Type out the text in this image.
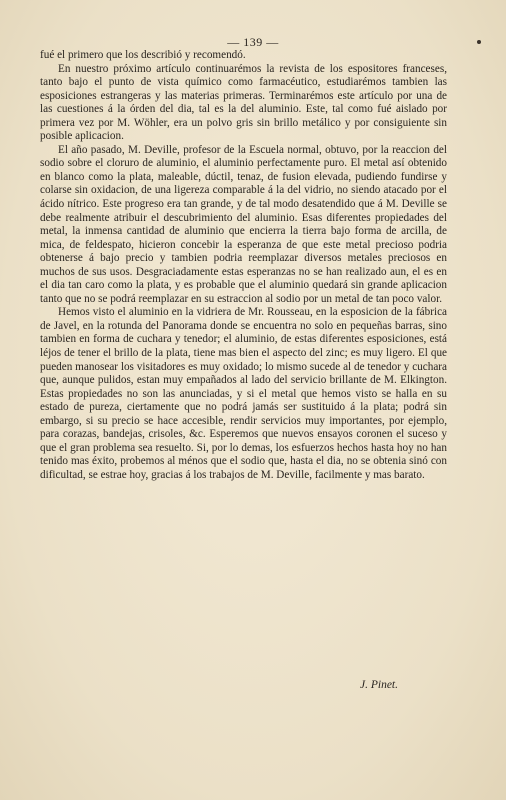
— 139 —

fué el primero que los describió y recomendó.

En nuestro próximo artículo continuarémos la revista de los espositores franceses, tanto bajo el punto de vista químico como farmacéutico, estudiarémos tambien las esposiciones estrangeras y las materias primeras. Terminarémos este artículo por una de las cuestiones á la órden del dia, tal es la del aluminio. Este, tal como fué aislado por primera vez por M. Wöhler, era un polvo gris sin brillo metálico y por consiguiente sin posible aplicacion.

El año pasado, M. Deville, profesor de la Escuela normal, obtuvo, por la reaccion del sodio sobre el cloruro de aluminio, el aluminio perfectamente puro. El metal así obtenido en blanco como la plata, maleable, dúctil, tenaz, de fusion elevada, pudiendo fundirse y colarse sin oxidacion, de una ligereza comparable á la del vidrio, no siendo atacado por el ácido nítrico. Este progreso era tan grande, y de tal modo desatendido que á M. Deville se debe realmente atribuir el descubrimiento del aluminio. Esas diferentes propiedades del metal, la inmensa cantidad de aluminio que encierra la tierra bajo forma de arcilla, de mica, de feldespato, hicieron concebir la esperanza de que este metal precioso podria obtenerse á bajo precio y tambien podria reemplazar diversos metales preciosos en muchos de sus usos. Desgraciadamente estas esperanzas no se han realizado aun, el es en el dia tan caro como la plata, y es probable que el aluminio quedará sin grande aplicacion tanto que no se podrá reemplazar en su estraccion al sodio por un metal de tan poco valor.

Hemos visto el aluminio en la vidriera de Mr. Rousseau, en la esposicion de la fábrica de Javel, en la rotunda del Panorama donde se encuentra no solo en pequeñas barras, sino tambien en forma de cuchara y tenedor; el aluminio, de estas diferentes esposiciones, está léjos de tener el brillo de la plata, tiene mas bien el aspecto del zinc; es muy ligero. El que pueden manosear los visitadores es muy oxidado; lo mismo sucede al de tenedor y cuchara que, aunque pulidos, estan muy empañados al lado del servicio brillante de M. Elkington. Estas propiedades no son las anunciadas, y si el metal que hemos visto se halla en su estado de pureza, ciertamente que no podrá jamás ser sustituido á la plata; podrá sin embargo, si su precio se hace accesible, rendir servicios muy importantes, por ejemplo, para corazas, bandejas, crisoles, &c. Esperemos que nuevos ensayos coronen el suceso y que el gran problema sea resuelto. Si, por lo demas, los esfuerzos hechos hasta hoy no han tenido mas éxito, probemos al ménos que el sodio que, hasta el dia, no se obtenia sinó con dificultad, se estrae hoy, gracias á los trabajos de M. Deville, facilmente y mas barato.

J. Pinet.
